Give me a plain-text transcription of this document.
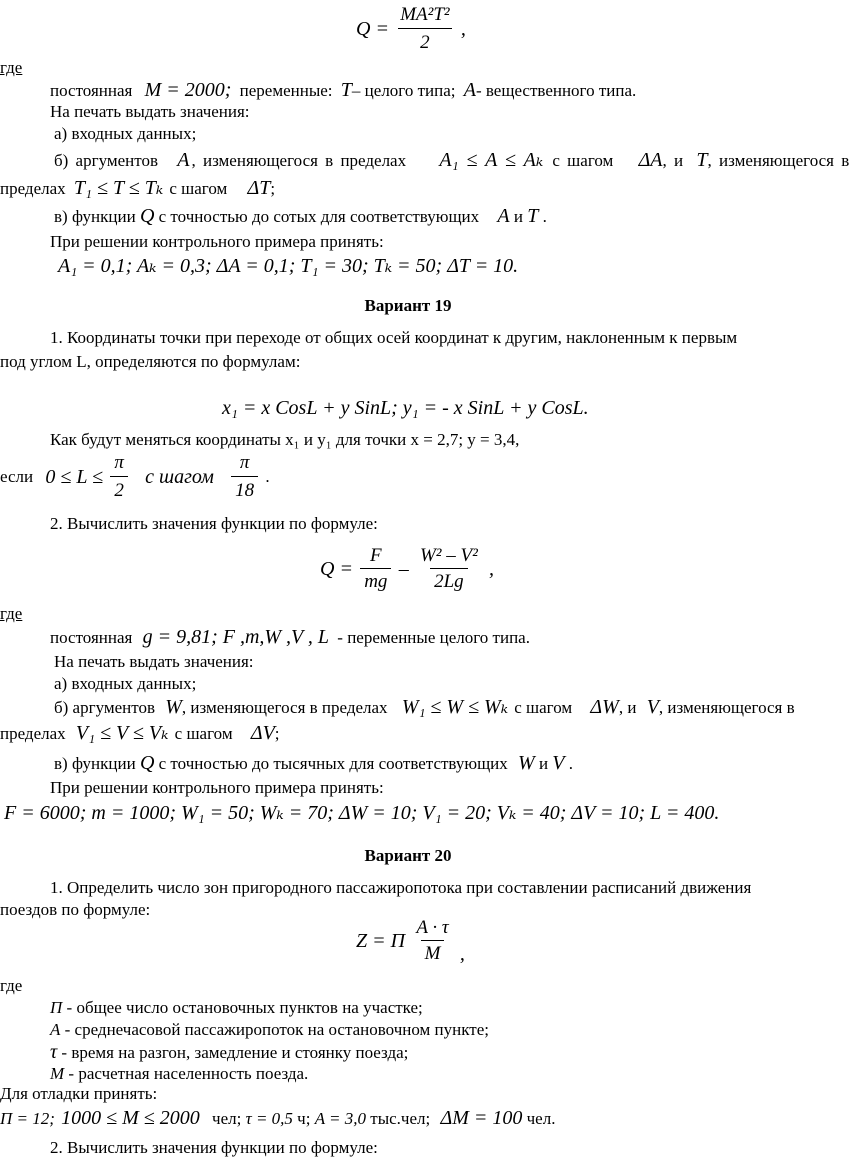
$Q = \frac{\text{MA²T²}}{2}$ ,
где
постоянная M = 2000; переменные: T– целого типа; A- вещественного типа.
На печать выдать значения:
а) входных данных;
б) аргументов A , изменяющегося в пределах A₁ ≤ A ≤ Aₖ с шагом ΔA, и T, изменяющегося в
пределах T₁ ≤ T ≤ Tₖ с шагом ΔT;
в) функции Q с точностью до сотых для соответствующих A и T .
При решении контрольного примера принять:
A₁ = 0,1; Aₖ = 0,3; ΔA = 0,1; T₁ = 30; Tₖ = 50; ΔT = 10.
Вариант 19
1. Координаты точки при переходе от общих осей координат к другим, наклоненным к первым
под углом L, определяются по формулам:
x₁ = x CosL + y SinL; y₁ = - x SinL + y CosL.
Как будут меняться координаты x₁ и y₁ для точки x = 2,7; y = 3,4,
если $0 \le L \le \frac{\pi}{2}$ с шагом $\frac{\pi}{18}$ .
2. Вычислить значения функции по формуле:
$Q = \frac{F}{mg} - \frac{\text{W² – V²}}{2Lg}$ ,
где
постоянная g = 9,81; F ,m,W ,V , L - переменные целого типа.
На печать выдать значения:
а) входных данных;
б) аргументов W, изменяющегося в пределах W₁ ≤ W ≤ Wₖ с шагом ΔW, и V, изменяющегося в
пределах V₁ ≤ V ≤ Vₖ с шагом ΔV;
в) функции Q с точностью до тысячных для соответствующих W и V .
При решении контрольного примера принять:
F = 6000; m = 1000; W₁ = 50; Wₖ = 70; ΔW = 10; V₁ = 20; Vₖ = 40; ΔV = 10; L = 400.
Вариант 20
1. Определить число зон пригородного пассажиропотока при составлении расписаний движения
поездов по формуле:
Z = П $\frac{A \cdot \tau}{M}$ ,
где
П - общее число остановочных пунктов на участке;
A - среднечасовой пассажиропоток на остановочном пункте;
τ - время на разгон, замедление и стоянку поезда;
M - расчетная населенность поезда.
Для отладки принять:
П = 12; 1000 ≤ M ≤ 2000 чел; τ = 0,5 ч; A = 3,0 тыс.чел; ΔM = 100 чел.
2. Вычислить значения функции по формуле:
